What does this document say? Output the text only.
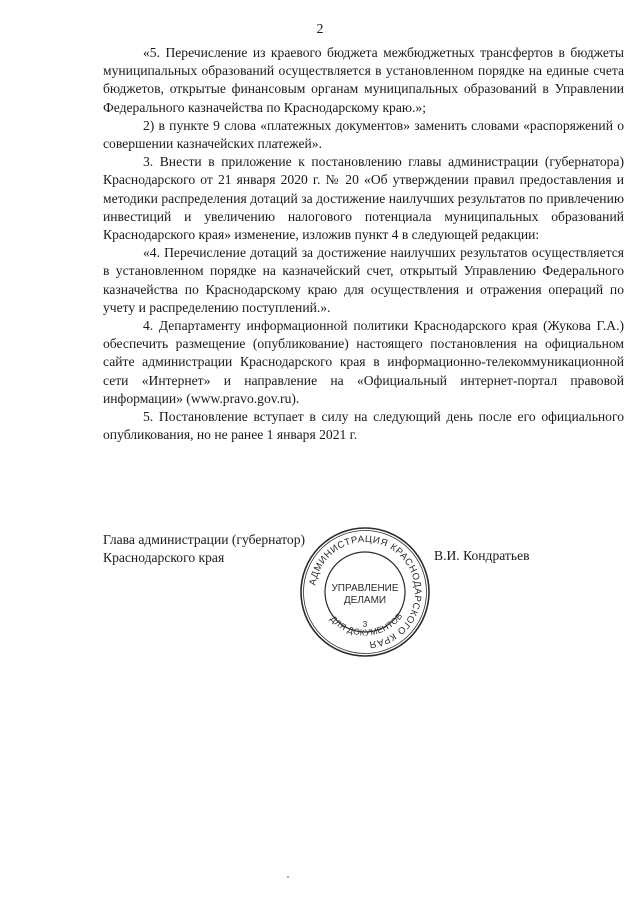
2

«5. Перечисление из краевого бюджета межбюджетных трансфертов в бюджеты муниципальных образований осуществляется в установленном порядке на единые счета бюджетов, открытые финансовым органам муниципальных образований в Управлении Федерального казначейства по Краснодарскому краю.»;

2) в пункте 9 слова «платежных документов» заменить словами «распоряжений о совершении казначейских платежей».

3. Внести в приложение к постановлению главы администрации (губернатора) Краснодарского от 21 января 2020 г. № 20 «Об утверждении правил предоставления и методики распределения дотаций за достижение наилучших результатов по привлечению инвестиций и увеличению налогового потенциала муниципальных образований Краснодарского края» изменение, изложив пункт 4 в следующей редакции:

«4. Перечисление дотаций за достижение наилучших результатов осуществляется в установленном порядке на казначейский счет, открытый Управлению Федерального казначейства по Краснодарскому краю для осуществления и отражения операций по учету и распределению поступлений.».

4. Департаменту информационной политики Краснодарского края (Жукова Г.А.) обеспечить размещение (опубликование) настоящего постановления на официальном сайте администрации Краснодарского края в информационно-телекоммуникационной сети «Интернет» и направление на «Официальный интернет-портал правовой информации» (www.pravo.gov.ru).

5. Постановление вступает в силу на следующий день после его официального опубликования, но не ранее 1 января 2021 г.

Глава администрации (губернатор)
Краснодарского края	В.И. Кондратьев
АДМИНИСТРАЦИЯ КРАСНОДАРСКОГО КРАЯ
ДЛЯ ДОКУМЕНТОВ
УПРАВЛЕНИЕ
ДЕЛАМИ
3
